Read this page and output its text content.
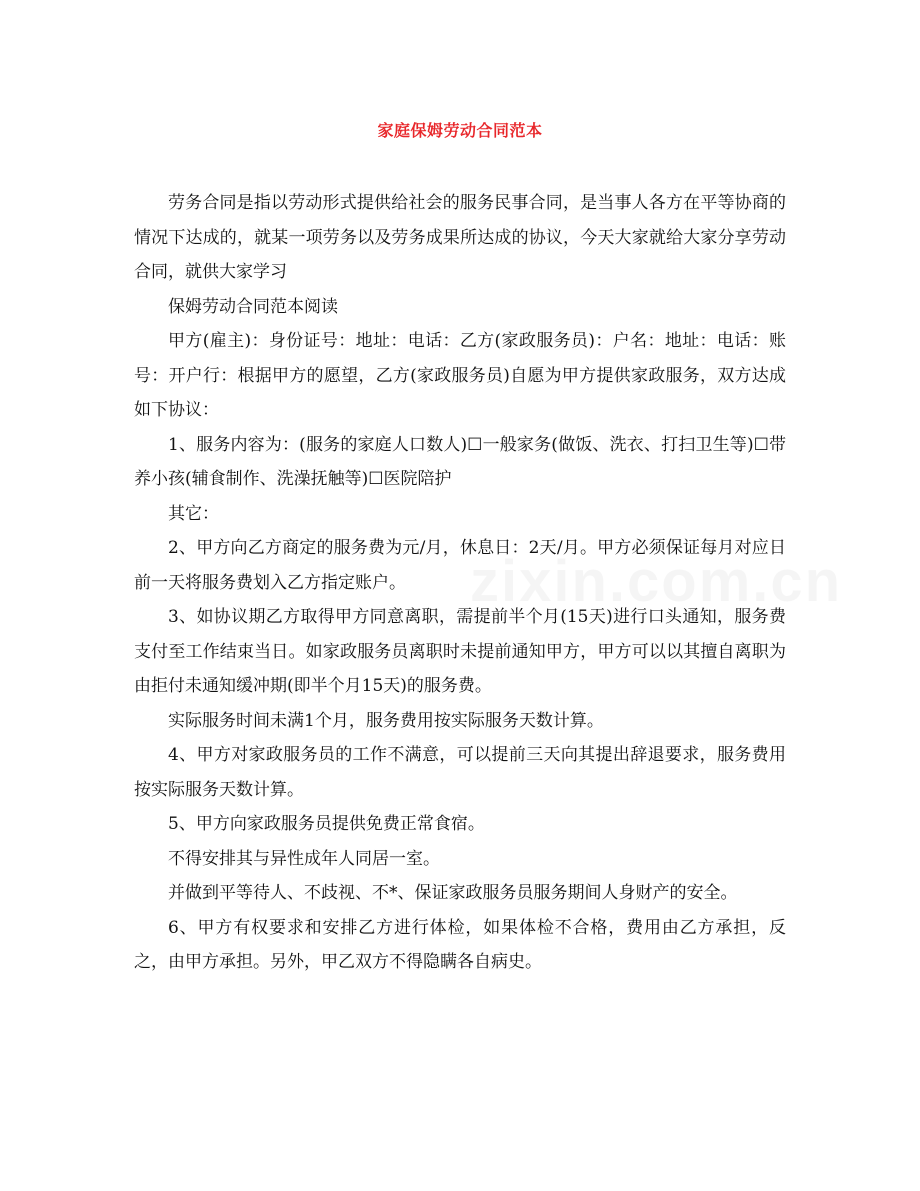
家庭保姆劳动合同范本

劳务合同是指以劳动形式提供给社会的服务民事合同，是当事人各方在平等协商的情况下达成的，就某一项劳务以及劳务成果所达成的协议，今天大家就给大家分享劳动合同，就供大家学习

保姆劳动合同范本阅读

甲方(雇主)：身份证号：地址：电话：乙方(家政服务员)：户名：地址：电话：账号：开户行：根据甲方的愿望，乙方(家政服务员)自愿为甲方提供家政服务，双方达成如下协议：

1、服务内容为：(服务的家庭人口数人)☐一般家务(做饭、洗衣、打扫卫生等)☐带养小孩(辅食制作、洗澡抚触等)☐医院陪护

其它：

2、甲方向乙方商定的服务费为元/月，休息日：2天/月。甲方必须保证每月对应日前一天将服务费划入乙方指定账户。

3、如协议期乙方取得甲方同意离职，需提前半个月(15天)进行口头通知，服务费支付至工作结束当日。如家政服务员离职时未提前通知甲方，甲方可以以其擅自离职为由拒付未通知缓冲期(即半个月15天)的服务费。

实际服务时间未满1个月，服务费用按实际服务天数计算。

4、甲方对家政服务员的工作不满意，可以提前三天向其提出辞退要求，服务费用按实际服务天数计算。

5、甲方向家政服务员提供免费正常食宿。

不得安排其与异性成年人同居一室。

并做到平等待人、不歧视、不*、保证家政服务员服务期间人身财产的安全。

6、甲方有权要求和安排乙方进行体检，如果体检不合格，费用由乙方承担，反之，由甲方承担。另外，甲乙双方不得隐瞒各自病史。
